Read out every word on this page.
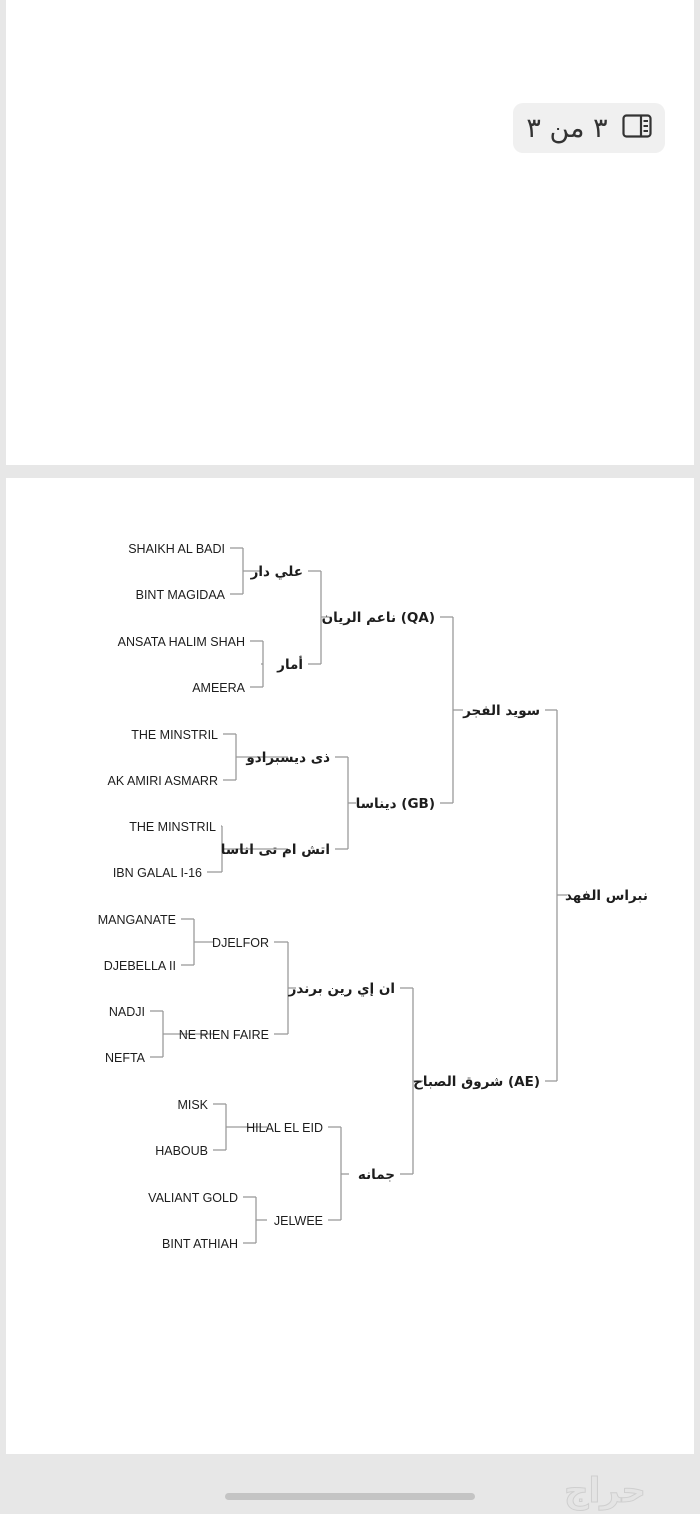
٣ من ٣
SHAIKH AL BADI
BINT MAGIDAA
ANSATA HALIM SHAH
AMEERA
THE MINSTRIL
AK AMIRI ASMARR
THE MINSTRIL
IBN GALAL I-16
MANGANATE
DJEBELLA II
NADJI
NEFTA
MISK
HABOUB
VALIANT GOLD
BINT ATHIAH
علي دار
أمار
ذى ديسبرادو
اتش ام تى اناسا
DJELFOR
NE RIEN FAIRE
HILAL EL EID
JELWEE
ناعم الريان (QA)
ديناسا (GB)
ان إي رين برندر
جمانه
سويد الفجر
شروق الصباح (AE)
نبراس الفهد
حراج
